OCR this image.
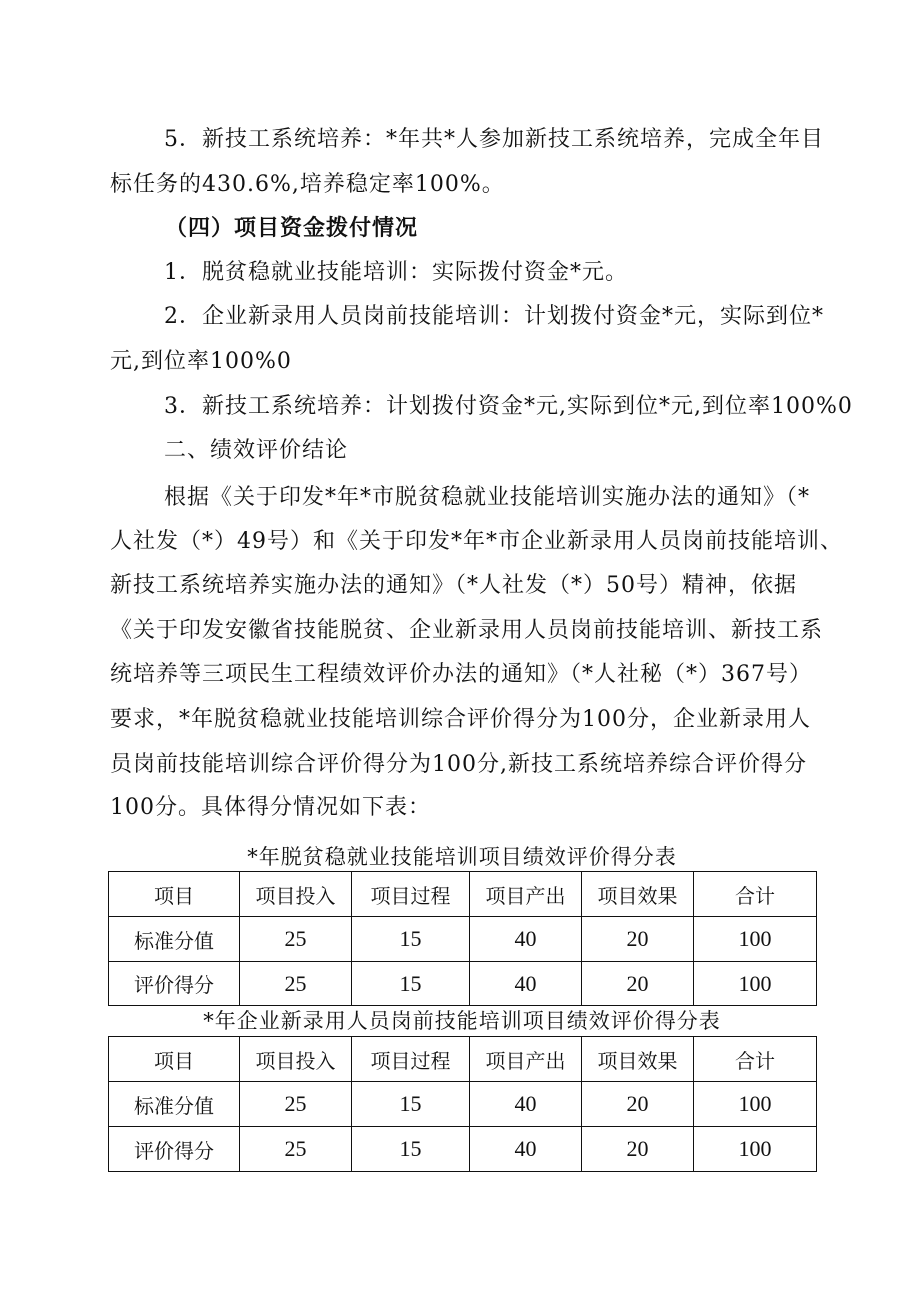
5．新技工系统培养：*年共*人参加新技工系统培养，完成全年目
标任务的430.6%,培养稳定率100%。
（四）项目资金拨付情况
1．脱贫稳就业技能培训：实际拨付资金*元。
2．企业新录用人员岗前技能培训：计划拨付资金*元，实际到位*
元,到位率100%0
3．新技工系统培养：计划拨付资金*元,实际到位*元,到位率100%0
二、绩效评价结论
根据《关于印发*年*市脱贫稳就业技能培训实施办法的通知》（*
人社发（*）49号）和《关于印发*年*市企业新录用人员岗前技能培训、
新技工系统培养实施办法的通知》（*人社发（*）50号）精神，依据
《关于印发安徽省技能脱贫、企业新录用人员岗前技能培训、新技工系
统培养等三项民生工程绩效评价办法的通知》（*人社秘（*）367号）
要求，*年脱贫稳就业技能培训综合评价得分为100分，企业新录用人
员岗前技能培训综合评价得分为100分,新技工系统培养综合评价得分
100分。具体得分情况如下表：
*年脱贫稳就业技能培训项目绩效评价得分表
项目	项目投入	项目过程	项目产出	项目效果	合计
标准分值	25	15	40	20	100
评价得分	25	15	40	20	100
*年企业新录用人员岗前技能培训项目绩效评价得分表
项目	项目投入	项目过程	项目产出	项目效果	合计
标准分值	25	15	40	20	100
评价得分	25	15	40	20	100
